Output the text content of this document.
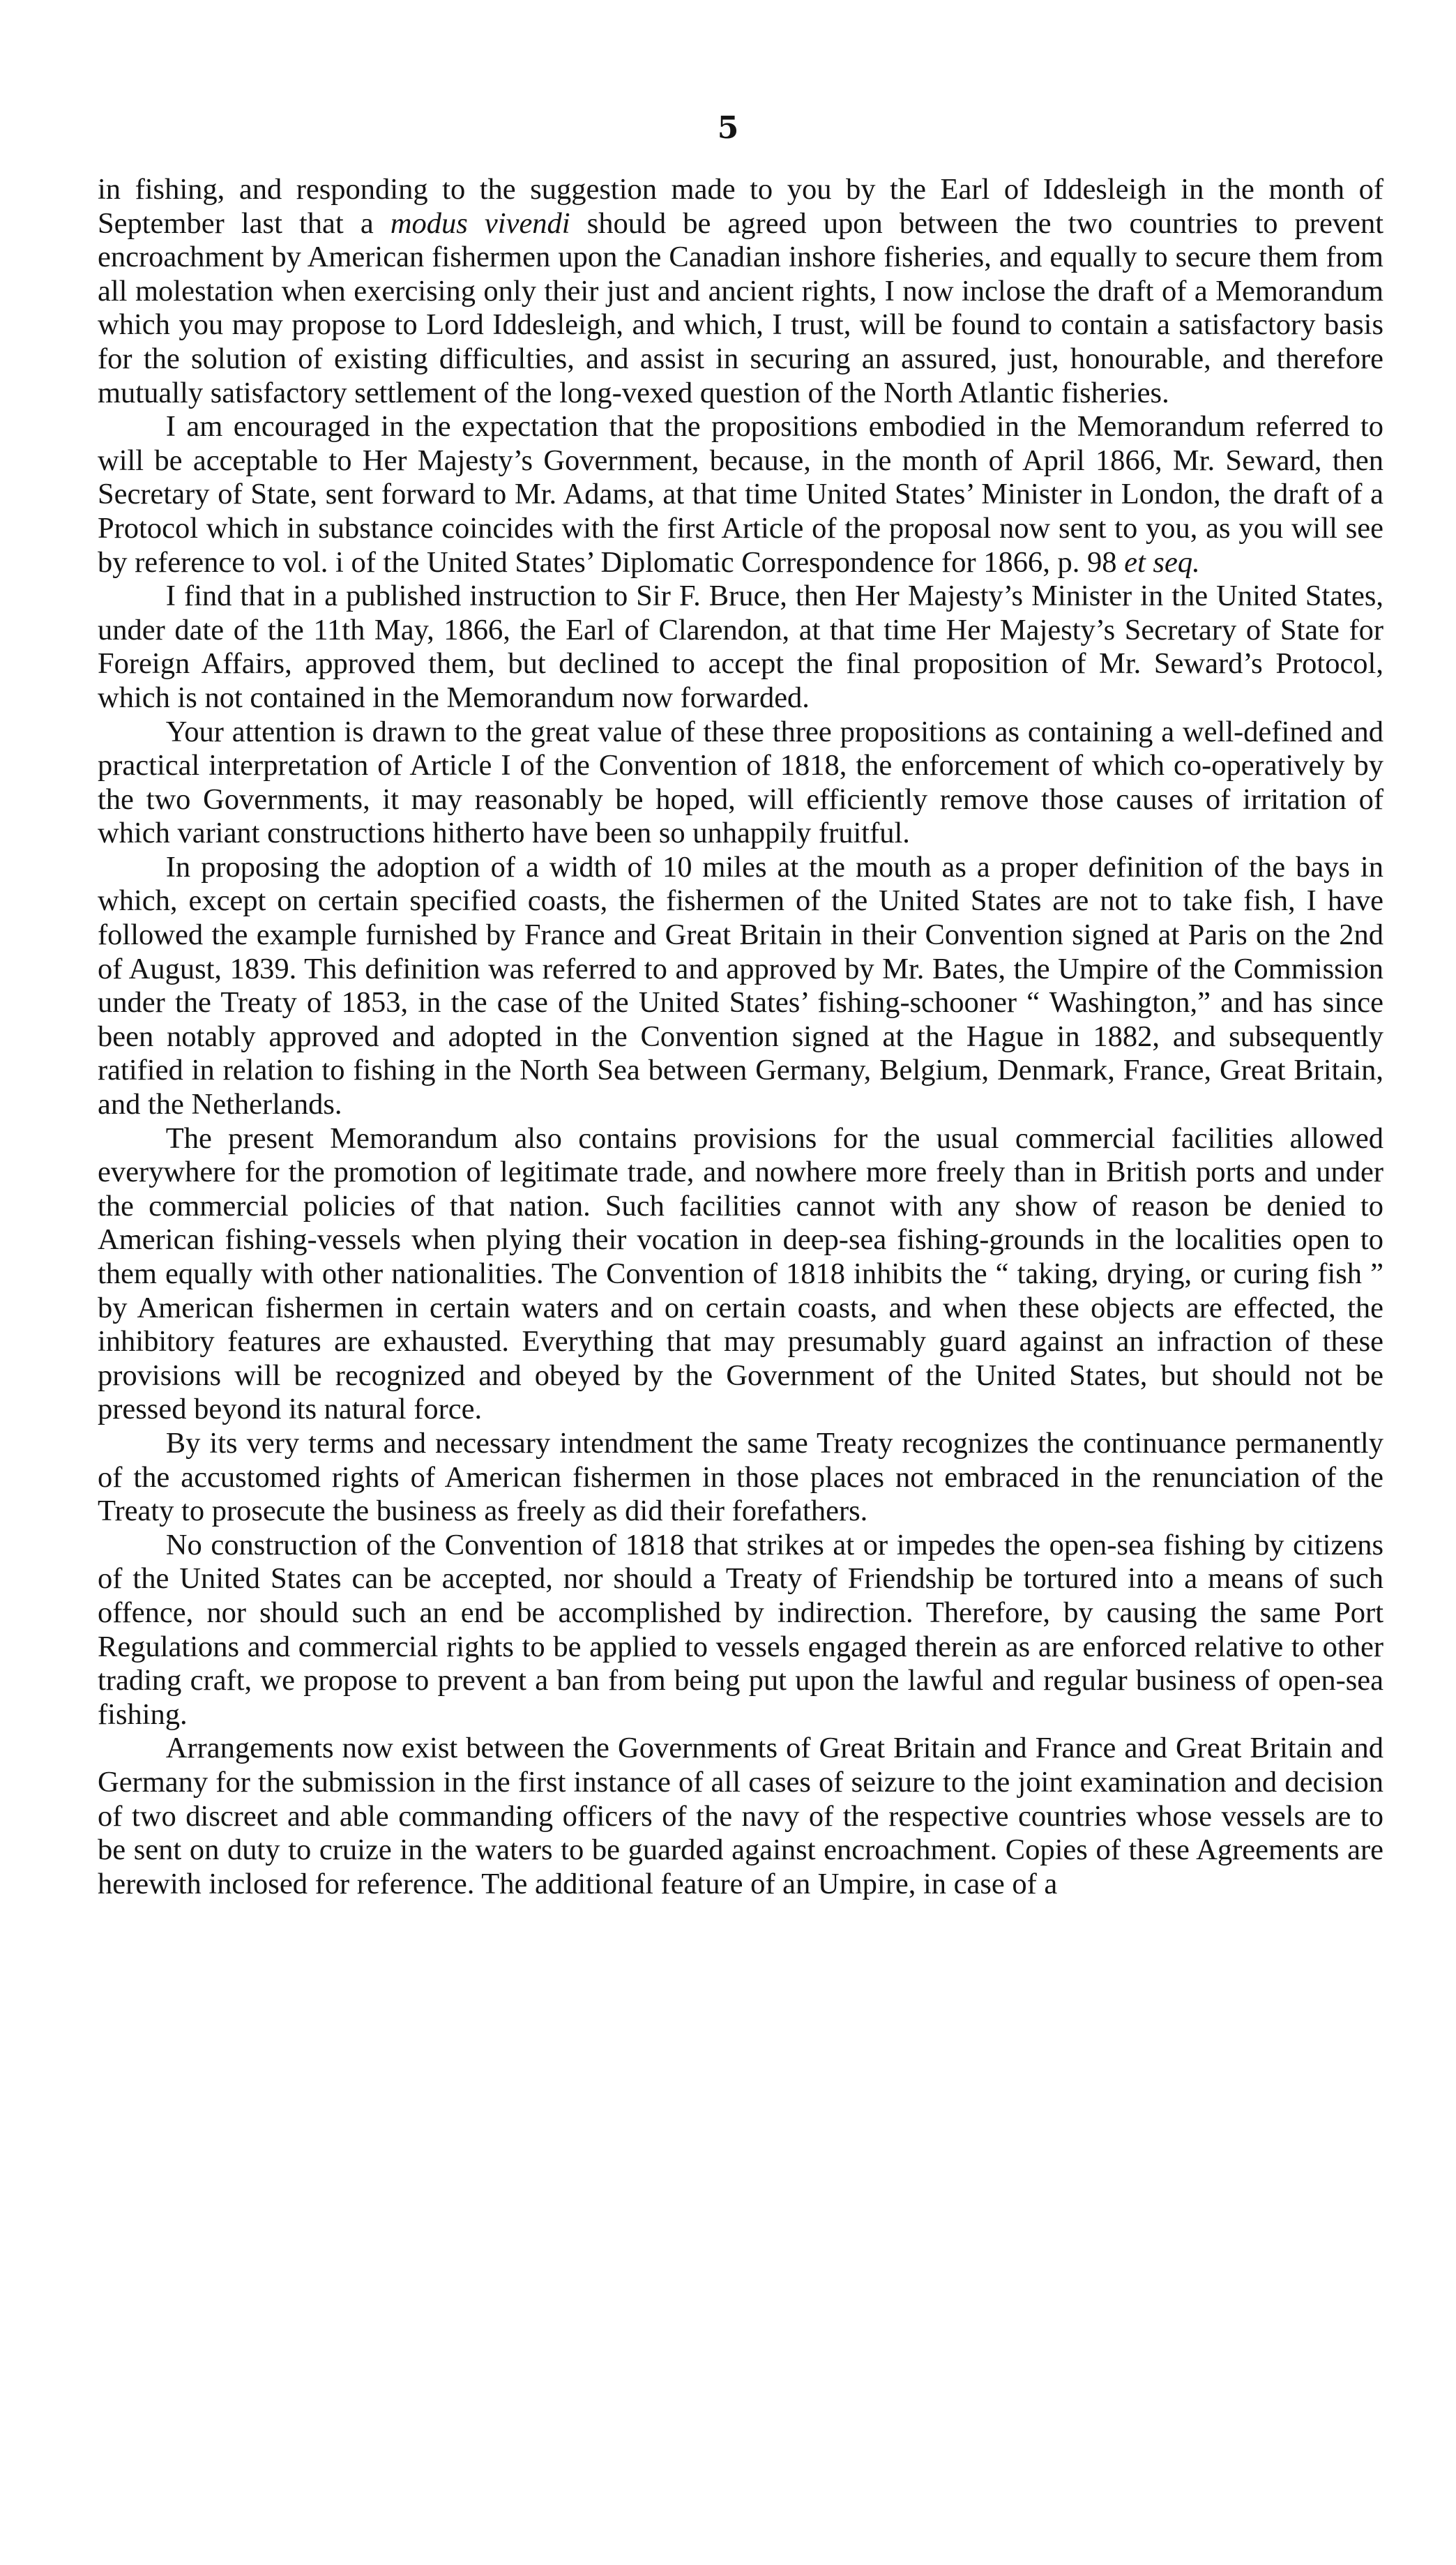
5

in fishing, and responding to the suggestion made to you by the Earl of Iddesleigh in the month of September last that a modus vivendi should be agreed upon between the two countries to prevent encroachment by American fishermen upon the Canadian inshore fisheries, and equally to secure them from all molestation when exercising only their just and ancient rights, I now inclose the draft of a Memorandum which you may propose to Lord Iddesleigh, and which, I trust, will be found to contain a satisfactory basis for the solution of existing difficulties, and assist in securing an assured, just, honourable, and therefore mutually satisfactory settlement of the long-vexed question of the North Atlantic fisheries.

I am encouraged in the expectation that the propositions embodied in the Memorandum referred to will be acceptable to Her Majesty’s Government, because, in the month of April 1866, Mr. Seward, then Secretary of State, sent forward to Mr. Adams, at that time United States’ Minister in London, the draft of a Protocol which in substance coincides with the first Article of the proposal now sent to you, as you will see by reference to vol. i of the United States’ Diplomatic Correspondence for 1866, p. 98 et seq.

I find that in a published instruction to Sir F. Bruce, then Her Majesty’s Minister in the United States, under date of the 11th May, 1866, the Earl of Clarendon, at that time Her Majesty’s Secretary of State for Foreign Affairs, approved them, but declined to accept the final proposition of Mr. Seward’s Protocol, which is not contained in the Memorandum now forwarded.

Your attention is drawn to the great value of these three propositions as containing a well-defined and practical interpretation of Article I of the Convention of 1818, the enforcement of which co-operatively by the two Governments, it may reasonably be hoped, will efficiently remove those causes of irritation of which variant constructions hitherto have been so unhappily fruitful.

In proposing the adoption of a width of 10 miles at the mouth as a proper definition of the bays in which, except on certain specified coasts, the fishermen of the United States are not to take fish, I have followed the example furnished by France and Great Britain in their Convention signed at Paris on the 2nd of August, 1839. This definition was referred to and approved by Mr. Bates, the Umpire of the Commission under the Treaty of 1853, in the case of the United States’ fishing-schooner “ Washington,” and has since been notably approved and adopted in the Convention signed at the Hague in 1882, and subsequently ratified in relation to fishing in the North Sea between Germany, Belgium, Denmark, France, Great Britain, and the Netherlands.

The present Memorandum also contains provisions for the usual commercial facilities allowed everywhere for the promotion of legitimate trade, and nowhere more freely than in British ports and under the commercial policies of that nation. Such facilities cannot with any show of reason be denied to American fishing-vessels when plying their vocation in deep-sea fishing-grounds in the localities open to them equally with other nationalities. The Convention of 1818 inhibits the “ taking, drying, or curing fish ” by American fishermen in certain waters and on certain coasts, and when these objects are effected, the inhibitory features are exhausted. Everything that may presumably guard against an infraction of these provisions will be recognized and obeyed by the Government of the United States, but should not be pressed beyond its natural force.

By its very terms and necessary intendment the same Treaty recognizes the continuance permanently of the accustomed rights of American fishermen in those places not embraced in the renunciation of the Treaty to prosecute the business as freely as did their forefathers.

No construction of the Convention of 1818 that strikes at or impedes the open-sea fishing by citizens of the United States can be accepted, nor should a Treaty of Friendship be tortured into a means of such offence, nor should such an end be accomplished by indirection. Therefore, by causing the same Port Regulations and commercial rights to be applied to vessels engaged therein as are enforced relative to other trading craft, we propose to prevent a ban from being put upon the lawful and regular business of open-sea fishing.

Arrangements now exist between the Governments of Great Britain and France and Great Britain and Germany for the submission in the first instance of all cases of seizure to the joint examination and decision of two discreet and able commanding officers of the navy of the respective countries whose vessels are to be sent on duty to cruize in the waters to be guarded against encroachment. Copies of these Agreements are herewith inclosed for reference. The additional feature of an Umpire, in case of a
